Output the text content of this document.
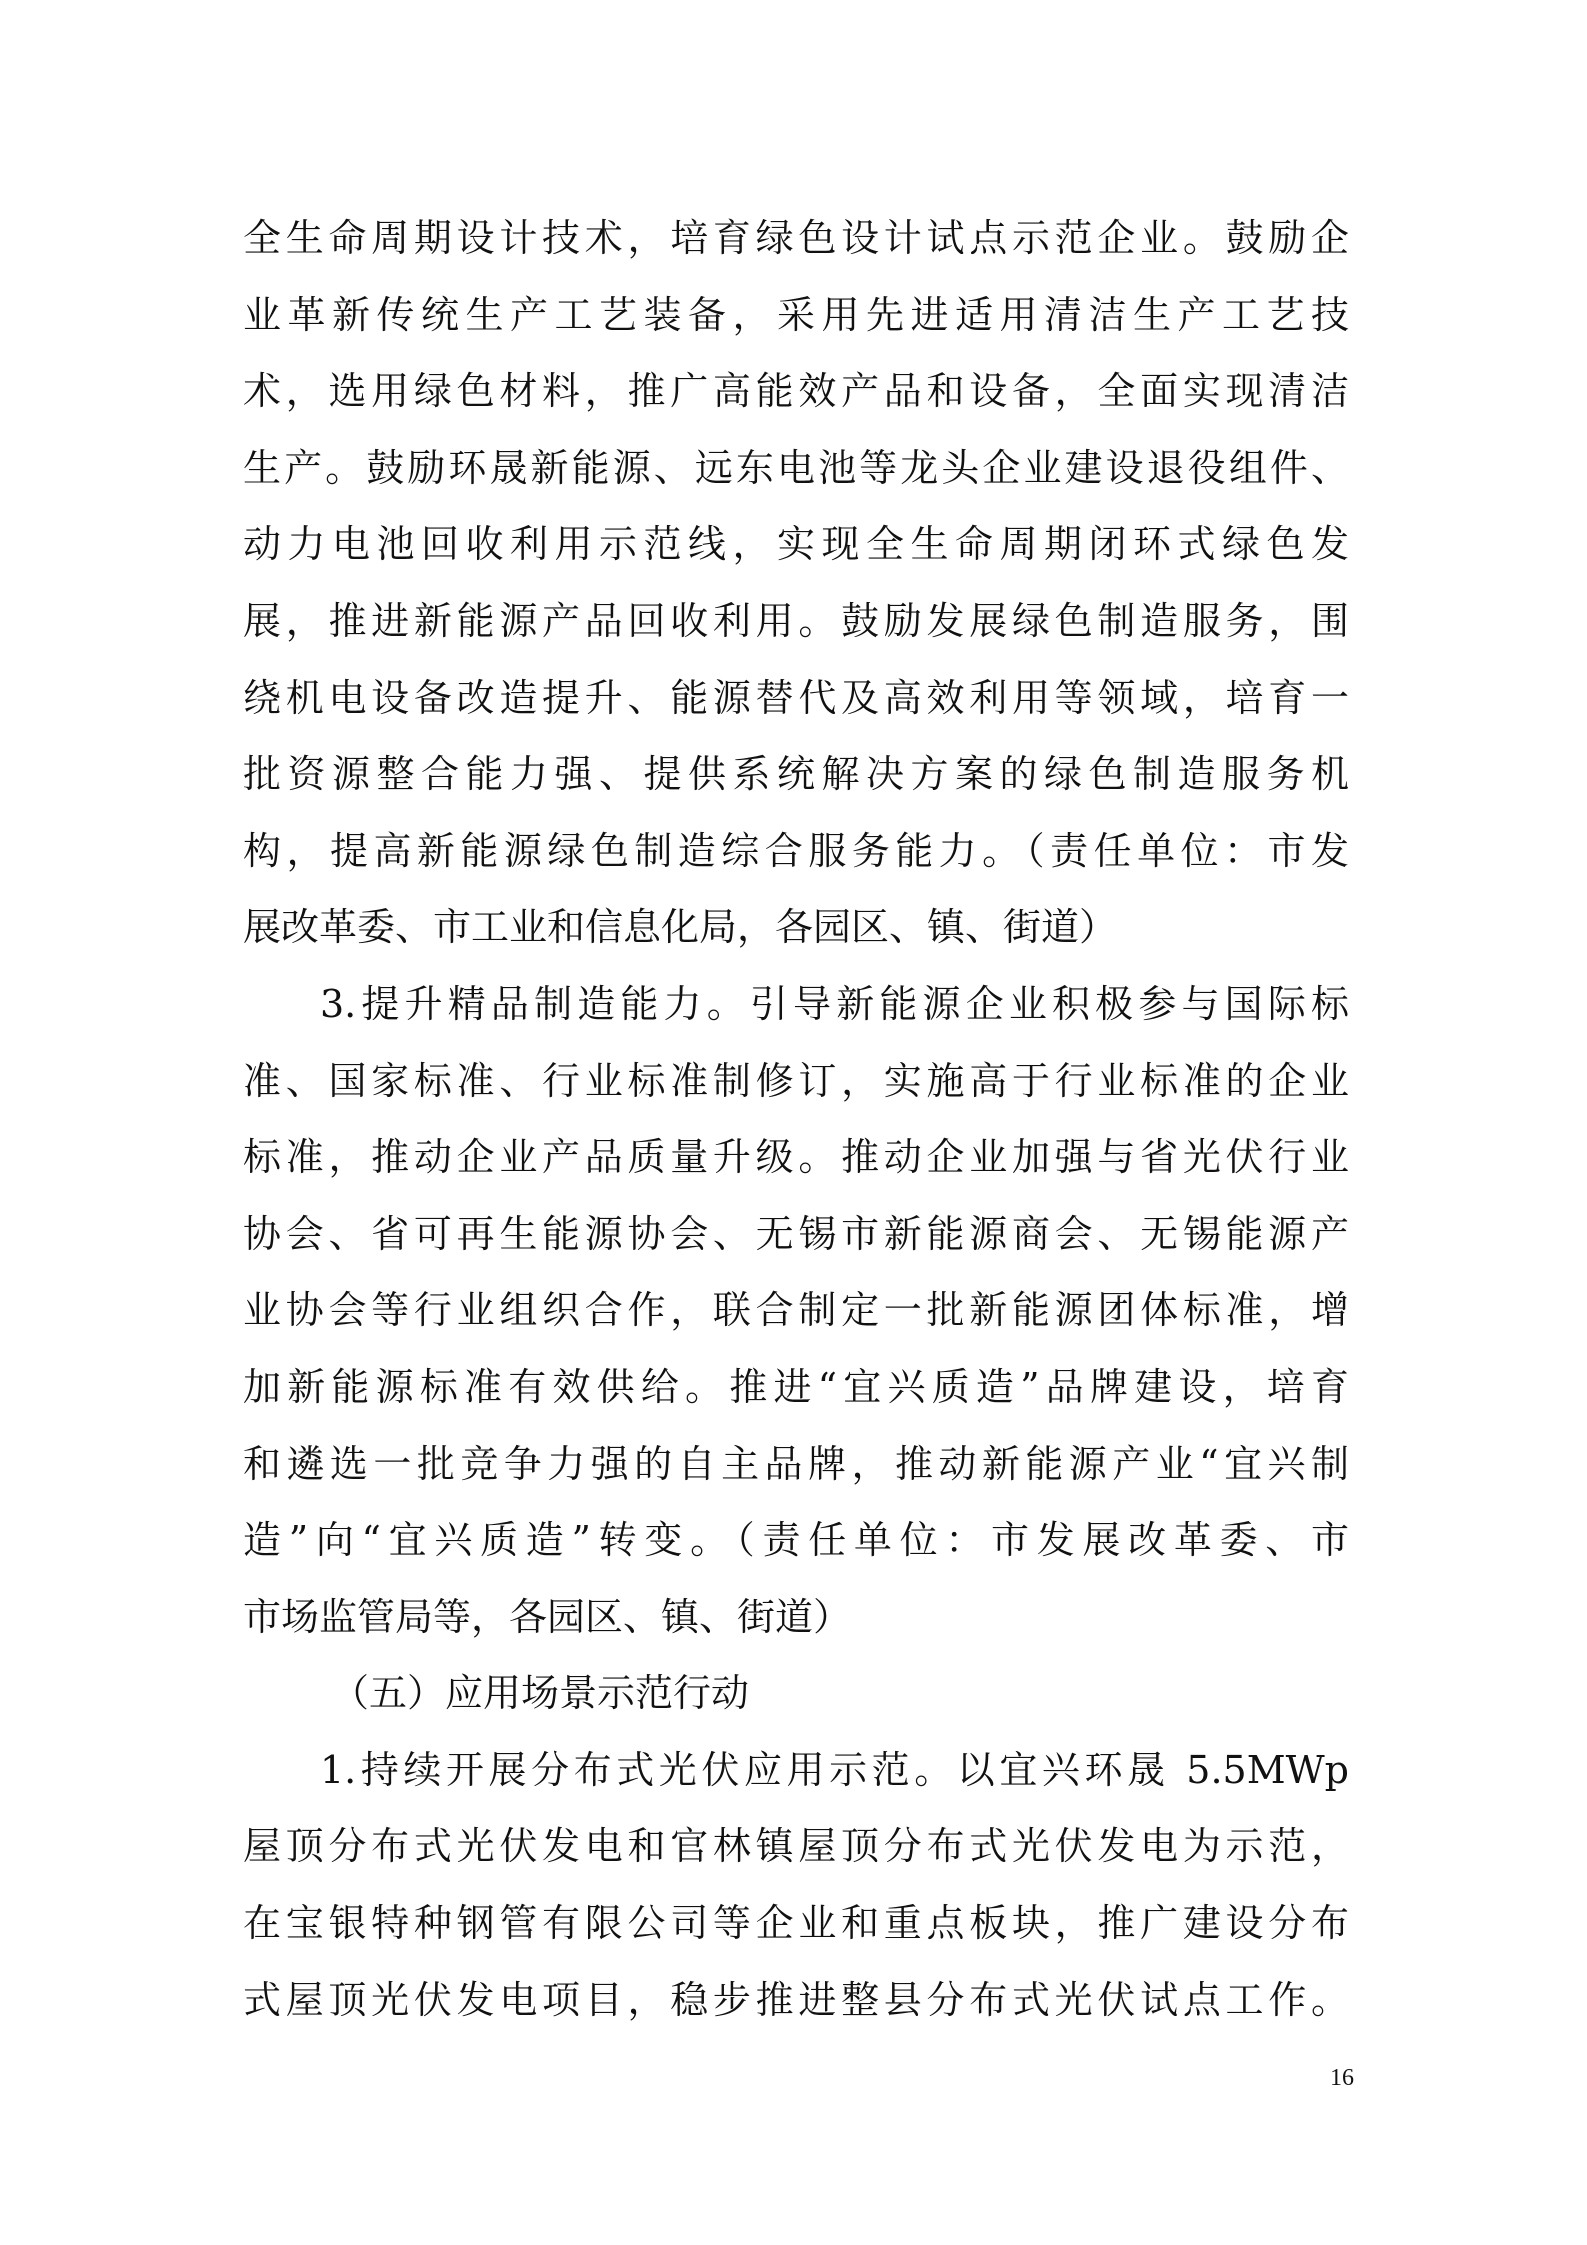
全生命周期设计技术，培育绿色设计试点示范企业。鼓励企
业革新传统生产工艺装备，采用先进适用清洁生产工艺技
术，选用绿色材料，推广高能效产品和设备，全面实现清洁
生产。鼓励环晟新能源、远东电池等龙头企业建设退役组件、
动力电池回收利用示范线，实现全生命周期闭环式绿色发
展，推进新能源产品回收利用。鼓励发展绿色制造服务，围
绕机电设备改造提升、能源替代及高效利用等领域，培育一
批资源整合能力强、提供系统解决方案的绿色制造服务机
构，提高新能源绿色制造综合服务能力。（责任单位：市发
展改革委、市工业和信息化局，各园区、镇、街道）
3.提升精品制造能力。引导新能源企业积极参与国际标
准、国家标准、行业标准制修订，实施高于行业标准的企业
标准，推动企业产品质量升级。推动企业加强与省光伏行业
协会、省可再生能源协会、无锡市新能源商会、无锡能源产
业协会等行业组织合作，联合制定一批新能源团体标准，增
加新能源标准有效供给。推进“宜兴质造”品牌建设，培育
和遴选一批竞争力强的自主品牌，推动新能源产业“宜兴制
造”向“宜兴质造”转变。（责任单位：市发展改革委、市
市场监管局等，各园区、镇、街道）
（五）应用场景示范行动
1.持续开展分布式光伏应用示范。以宜兴环晟 5.5MWp
屋顶分布式光伏发电和官林镇屋顶分布式光伏发电为示范，
在宝银特种钢管有限公司等企业和重点板块，推广建设分布
式屋顶光伏发电项目，稳步推进整县分布式光伏试点工作。
16
